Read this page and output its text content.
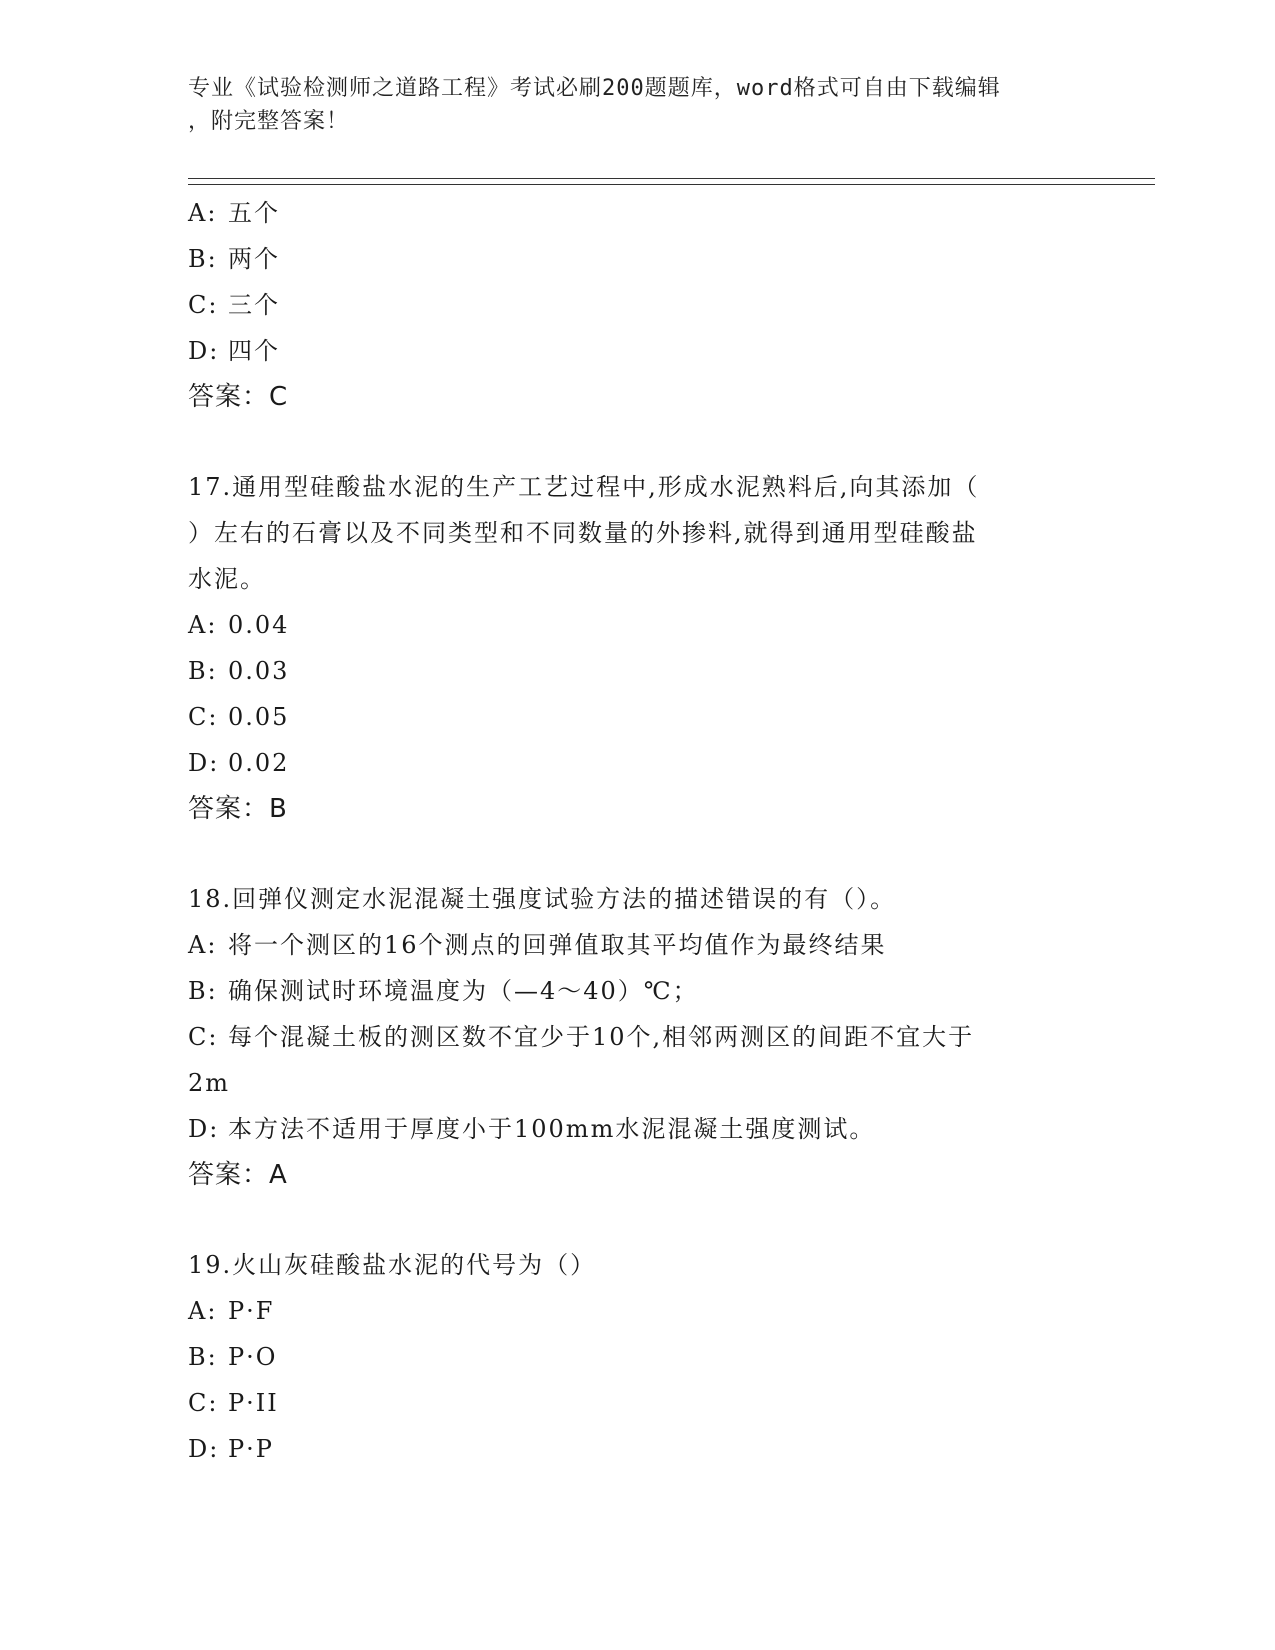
专业《试验检测师之道路工程》考试必刷200题题库，word格式可自由下载编辑
，附完整答案！
A: 五个
B: 两个
C: 三个
D: 四个
答案：C
17.通用型硅酸盐水泥的生产工艺过程中,形成水泥熟料后,向其添加（
）左右的石膏以及不同类型和不同数量的外掺料,就得到通用型硅酸盐
水泥。
A: 0.04
B: 0.03
C: 0.05
D: 0.02
答案：B
18.回弹仪测定水泥混凝土强度试验方法的描述错误的有（）。
A: 将一个测区的16个测点的回弹值取其平均值作为最终结果
B: 确保测试时环境温度为（—4～40）℃；
C: 每个混凝土板的测区数不宜少于10个,相邻两测区的间距不宜大于
2m
D: 本方法不适用于厚度小于100mm水泥混凝土强度测试。
答案：A
19.火山灰硅酸盐水泥的代号为（）
A: P·F
B: P·O
C: P·II
D: P·P
